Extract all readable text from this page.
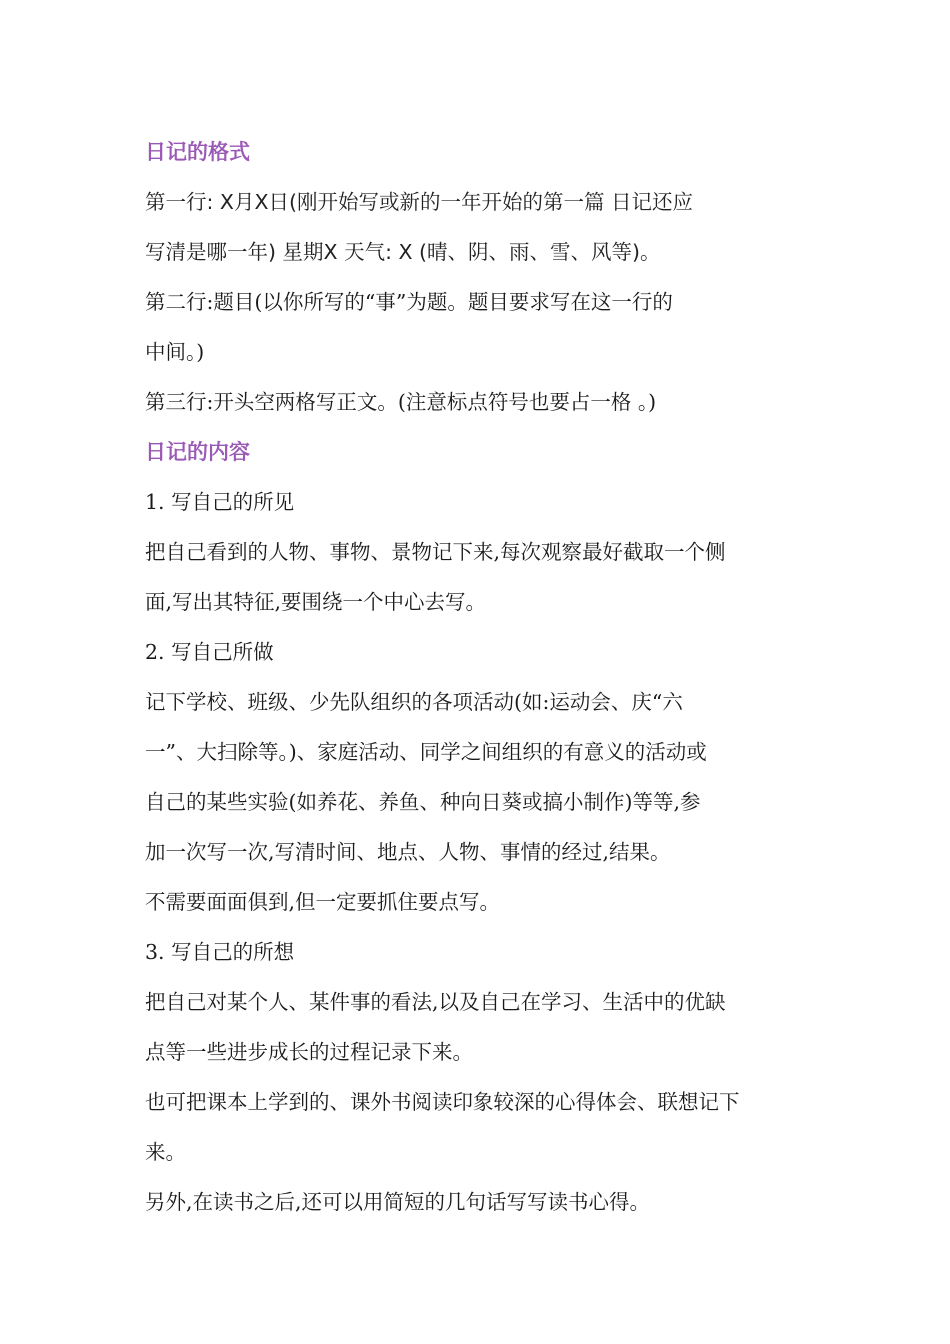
日记的格式
第一行: X月X日(刚开始写或新的一年开始的第一篇 日记还应
写清是哪一年) 星期X 天气: X (晴、阴、雨、雪、风等)。
第二行:题目(以你所写的“事”为题。题目要求写在这一行的
中间。)
第三行:开头空两格写正文。(注意标点符号也要占一格 。)
日记的内容
1. 写自己的所见
把自己看到的人物、事物、景物记下来,每次观察最好截取一个侧
面,写出其特征,要围绕一个中心去写。
2. 写自己所做
记下学校、班级、少先队组织的各项活动(如:运动会、庆“六
一”、大扫除等。)、家庭活动、同学之间组织的有意义的活动或
自己的某些实验(如养花、养鱼、种向日葵或搞小制作)等等,参
加一次写一次,写清时间、地点、人物、事情的经过,结果。
不需要面面俱到,但一定要抓住要点写。
3. 写自己的所想
把自己对某个人、某件事的看法,以及自己在学习、生活中的优缺
点等一些进步成长的过程记录下来。
也可把课本上学到的、课外书阅读印象较深的心得体会、联想记下
来。
另外,在读书之后,还可以用简短的几句话写写读书心得。
